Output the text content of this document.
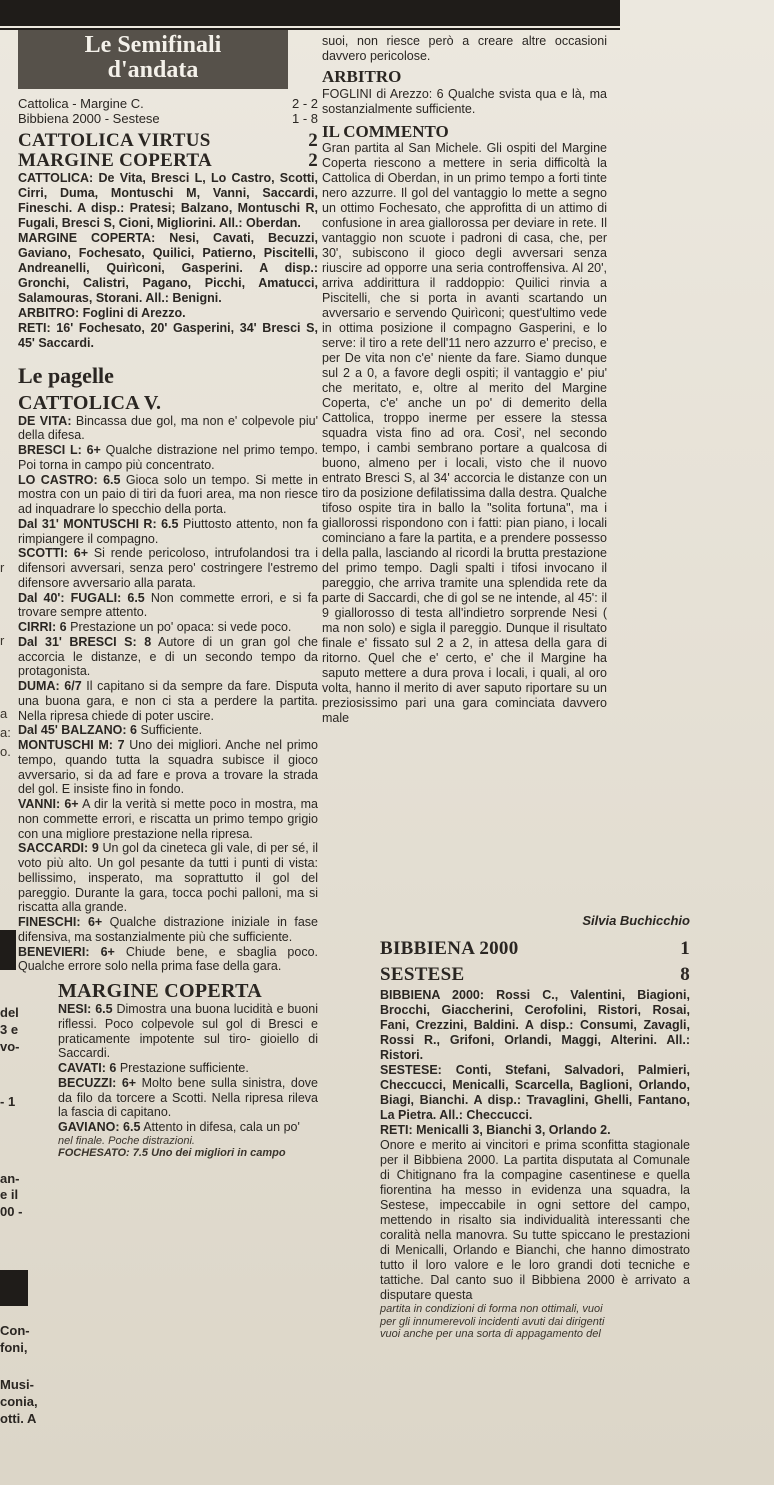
r
r
a
a:
o.
del
3 e
vo-
- 1
an-
e il
00 -
Con-
foni,
Musi-
conia,
otti. A
Le Semifinali
d'andata
Cattolica - Margine C.	2 - 2
Bibbiena 2000 - Sestese	1 - 8
CATTOLICA VIRTUS	2
MARGINE COPERTA	2
CATTOLICA: De Vita, Bresci L, Lo Castro, Scotti, Cirri, Duma, Montuschi M, Vanni, Saccardi, Fineschi. A disp.: Pratesi; Balzano, Montuschi R, Fugali, Bresci S, Cioni, Migliorini. All.: Oberdan.
MARGINE COPERTA: Nesi, Cavati, Becuzzi, Gaviano, Fochesato, Quilici, Patierno, Piscitelli, Andreanelli, Quirìconi, Gasperini. A disp.: Gronchi, Calistri, Pagano, Picchi, Amatucci, Salamouras, Storani. All.: Benigni.
ARBITRO: Foglini di Arezzo.
RETI: 16' Fochesato, 20' Gasperini, 34' Bresci S, 45' Saccardi.
Le pagelle
CATTOLICA V.

DE VITA: Bincassa due gol, ma non e' colpevole piu' della difesa.

BRESCI L: 6+ Qualche distrazione nel primo tempo. Poi torna in campo più concentrato.

LO CASTRO: 6.5 Gioca solo un tempo. Si mette in mostra con un paio di tiri da fuori area, ma non riesce ad inquadrare lo specchio della porta.

Dal 31' MONTUSCHI R: 6.5 Piuttosto attento, non fa rimpiangere il compagno.

SCOTTI: 6+ Si rende pericoloso, intrufolandosi tra i difensori avversari, senza pero' costringere l'estremo difensore avversario alla parata.

Dal 40': FUGALI: 6.5 Non commette errori, e si fa trovare sempre attento.

CIRRI: 6 Prestazione un po' opaca: si vede poco.

Dal 31' BRESCI S: 8 Autore di un gran gol che accorcia le distanze, e di un secondo tempo da protagonista.

DUMA: 6/7 Il capitano si da sempre da fare. Disputa una buona gara, e non ci sta a perdere la partita. Nella ripresa chiede di poter uscire.

Dal 45' BALZANO: 6 Sufficiente.

MONTUSCHI M: 7 Uno dei migliori. Anche nel primo tempo, quando tutta la squadra subisce il gioco avversario, si da ad fare e prova a trovare la strada del gol. E insiste fino in fondo.

VANNI: 6+ A dir la verità si mette poco in mostra, ma non commette errori, e riscatta un primo tempo grigio con una migliore prestazione nella ripresa.

SACCARDI: 9 Un gol da cineteca gli vale, di per sé, il voto più alto. Un gol pesante da tutti i punti di vista: bellissimo, insperato, ma soprattutto il gol del pareggio. Durante la gara, tocca pochi palloni, ma si riscatta alla grande.

FINESCHI: 6+ Qualche distrazione iniziale in fase difensiva, ma sostanzialmente più che sufficiente.

BENEVIERI: 6+ Chiude bene, e sbaglia poco. Qualche errore solo nella prima fase della gara.

MARGINE COPERTA

NESI: 6.5 Dimostra una buona lucidità e buoni riflessi. Poco colpevole sul gol di Bresci e praticamente impotente sul tiro- gioiello di Saccardi.

CAVATI: 6 Prestazione sufficiente.

BECUZZI: 6+ Molto bene sulla sinistra, dove da filo da torcere a Scotti. Nella ripresa rileva la fascia di capitano.

GAVIANO: 6.5 Attento in difesa, cala un po'

nel finale. Poche distrazioni.
FOCHESATO: 7.5 Uno dei migliori in campo
suoi, non riesce però a creare altre occasioni davvero pericolose.
ARBITRO
FOGLINI di Arezzo: 6 Qualche svista qua e là, ma sostanzialmente sufficiente.
IL COMMENTO
Gran partita al San Michele. Gli ospiti del Margine Coperta riescono a mettere in seria difficoltà la Cattolica di Oberdan, in un primo tempo a forti tinte nero azzurre. Il gol del vantaggio lo mette a segno un ottimo Fochesato, che approfitta di un attimo di confusione in area giallorossa per deviare in rete. Il vantaggio non scuote i padroni di casa, che, per 30', subiscono il gioco degli avversari senza riuscire ad opporre una seria controffensiva. Al 20', arriva addirittura il raddoppio: Quilici rinvia a Piscitelli, che si porta in avanti scartando un avversario e servendo Quirìconi; quest'ultimo vede in ottima posizione il compagno Gasperini, e lo serve: il tiro a rete dell'11 nero azzurro e' preciso, e per De vita non c'e' niente da fare. Siamo dunque sul 2 a 0, a favore degli ospiti; il vantaggio e' piu' che meritato, e, oltre al merito del Margine Coperta, c'e' anche un po' di demerito della Cattolica, troppo inerme per essere la stessa squadra vista fino ad ora. Cosi', nel secondo tempo, i cambi sembrano portare a qualcosa di buono, almeno per i locali, visto che il nuovo entrato Bresci S, al 34' accorcia le distanze con un tiro da posizione defilatissima dalla destra. Qualche tifoso ospite tira in ballo la "solita fortuna", ma i giallorossi rispondono con i fatti: pian piano, i locali cominciano a fare la partita, e a prendere possesso della palla, lasciando al ricordi la brutta prestazione del primo tempo. Dagli spalti i tifosi invocano il pareggio, che arriva tramite una splendida rete da parte di Saccardi, che di gol se ne intende, al 45': il 9 giallorosso di testa all'indietro sorprende Nesi ( ma non solo) e sigla il pareggio. Dunque il risultato finale e' fissato sul 2 a 2, in attesa della gara di ritorno. Quel che e' certo, e' che il Margine ha saputo mettere a dura prova i locali, i quali, al oro volta, hanno il merito di aver saputo riportare su un preziosissimo pari una gara cominciata davvero male
Silvia Buchicchio
BIBBIENA 2000	1
SESTESE	8
BIBBIENA 2000: Rossi C., Valentini, Biagioni, Brocchi, Giaccherini, Cerofolini, Ristori, Rosai, Fani, Crezzini, Baldini. A disp.: Consumi, Zavagli, Rossi R., Grifoni, Orlandi, Maggi, Alterini. All.: Ristori.
SESTESE: Conti, Stefani, Salvadori, Palmieri, Checcucci, Menicalli, Scarcella, Baglioni, Orlando, Biagi, Bianchi. A disp.: Travaglini, Ghelli, Fantano, La Pietra. All.: Checcucci.
RETI: Menicalli 3, Bianchi 3, Orlando 2.
Onore e merito ai vincitori e prima sconfitta stagionale per il Bibbiena 2000. La partita disputata al Comunale di Chitignano fra la compagine casentinese e quella fiorentina ha messo in evidenza una squadra, la Sestese, impeccabile in ogni settore del campo, mettendo in risalto sia individualità interessanti che coralità nella manovra. Su tutte spiccano le prestazioni di Menicalli, Orlando e Bianchi, che hanno dimostrato tutto il loro valore e le loro grandi doti tecniche e tattiche. Dal canto suo il Bibbiena 2000 è arrivato a disputare questa
partita in condizioni di forma non ottimali, vuoi
per gli innumerevoli incidenti avuti dai dirigenti
vuoi anche per una sorta di appagamento del
